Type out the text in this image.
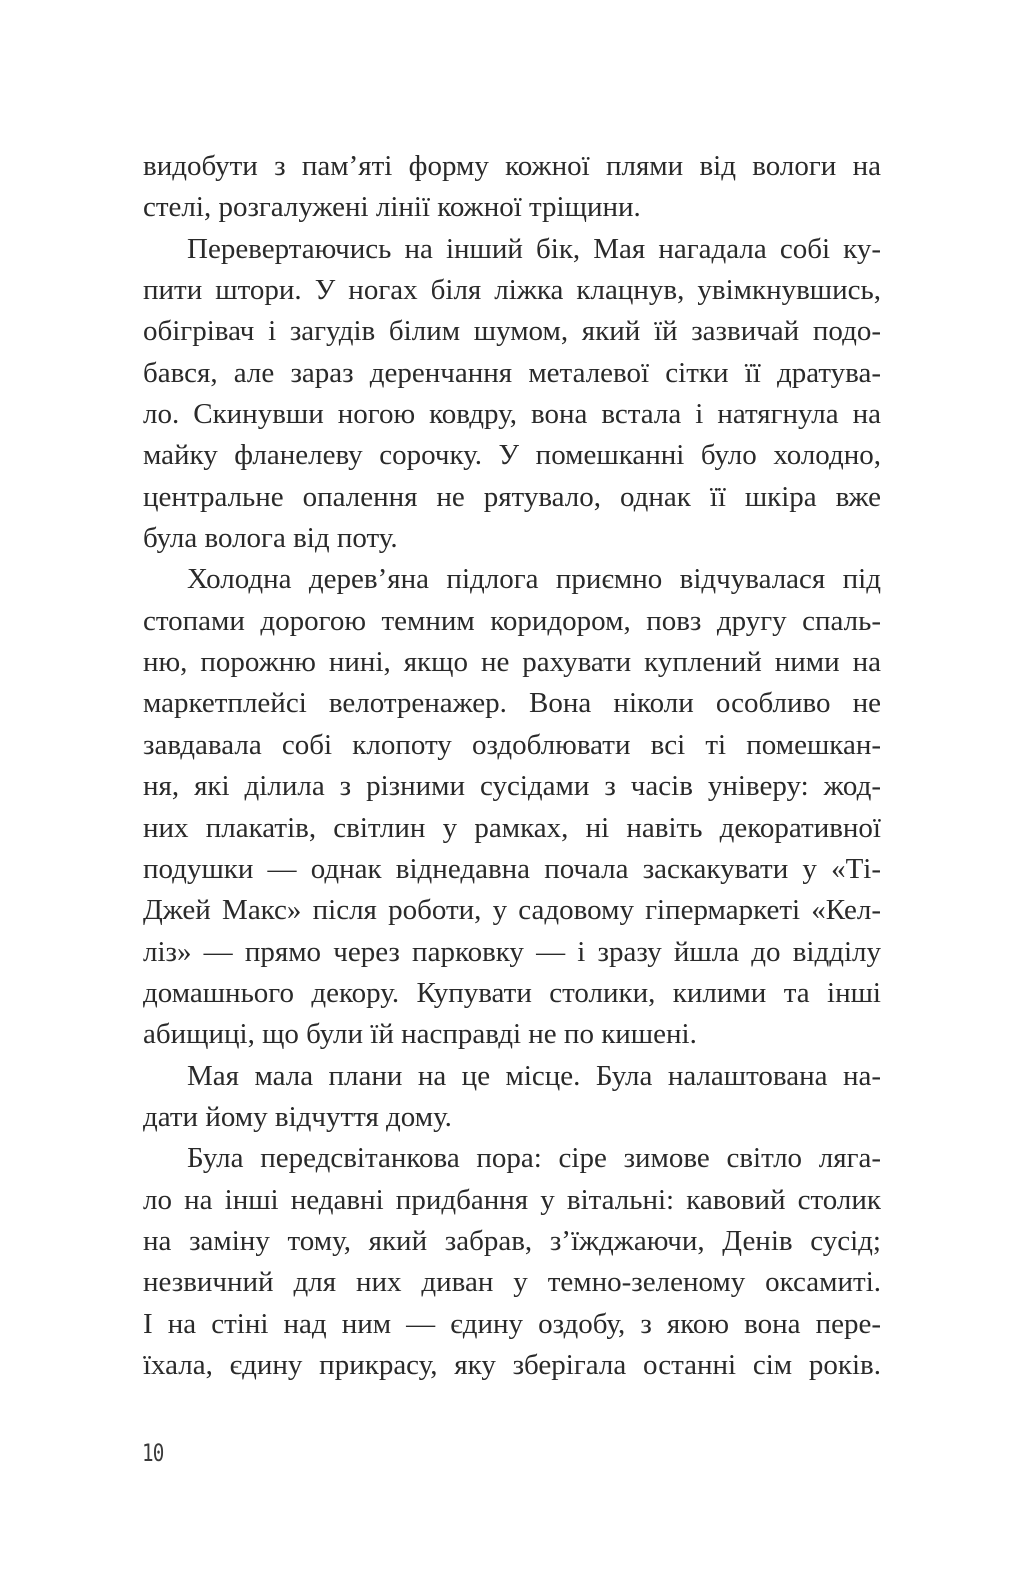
видобути з пам’яті форму кожної плями від вологи на
стелі, розгалужені лінії кожної тріщини.
Перевертаючись на інший бік, Мая нагадала собі ку-
пити штори. У ногах біля ліжка клацнув, увімкнувшись,
обігрівач і загудів білим шумом, який їй зазвичай подо-
бався, але зараз деренчання металевої сітки її дратува-
ло. Скинувши ногою ковдру, вона встала і натягнула на
майку фланелеву сорочку. У помешканні було холодно,
центральне опалення не рятувало, однак її шкіра вже
була волога від поту.
Холодна дерев’яна підлога приємно відчувалася під
стопами дорогою темним коридором, повз другу спаль-
ню, порожню нині, якщо не рахувати куплений ними на
маркетплейсі велотренажер. Вона ніколи особливо не
завдавала собі клопоту оздоблювати всі ті помешкан-
ня, які ділила з різними сусідами з часів універу: жод-
них плакатів, світлин у рамках, ні навіть декоративної
подушки — однак віднедавна почала заскакувати у «Ті-
Джей Макс» після роботи, у садовому гіпермаркеті «Кел-
ліз» — прямо через парковку — і зразу йшла до відділу
домашнього декору. Купувати столики, килими та інші
абищиці, що були їй насправді не по кишені.
Мая мала плани на це місце. Була налаштована на-
дати йому відчуття дому.
Була передсвітанкова пора: сіре зимове світло ляга-
ло на інші недавні придбання у вітальні: кавовий столик
на заміну тому, який забрав, з’їжджаючи, Денів сусід;
незвичний для них диван у темно-зеленому оксамиті.
І на стіні над ним — єдину оздобу, з якою вона пере-
їхала, єдину прикрасу, яку зберігала останні сім років.
10
